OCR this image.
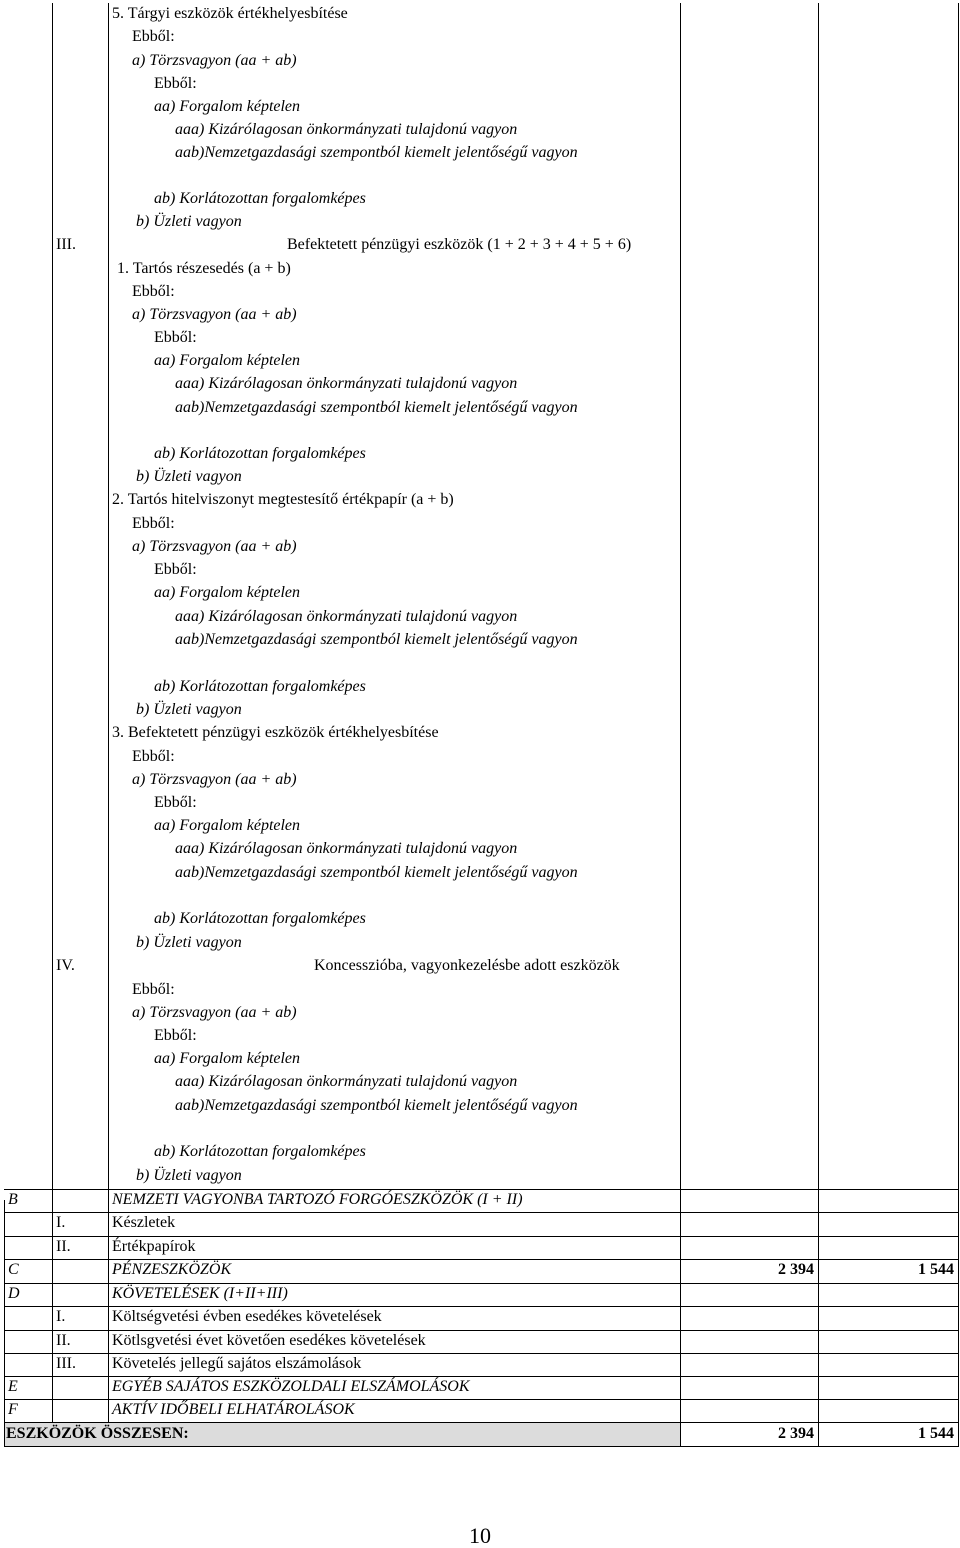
5. Tárgyi eszközök értékhelyesbítése
Ebből:
a) Törzsvagyon (aa + ab)
Ebből:
aa) Forgalom képtelen
aaa) Kizárólagosan önkormányzati tulajdonú vagyon
aab)Nemzetgazdasági szempontból kiemelt jelentőségű vagyon
ab) Korlátozottan forgalomképes
b) Üzleti vagyon
III.	Befektetett pénzügyi eszközök (1 + 2 + 3 + 4 + 5 + 6)
1. Tartós részesedés (a + b)
Ebből:
a) Törzsvagyon (aa + ab)
Ebből:
aa) Forgalom képtelen
aaa) Kizárólagosan önkormányzati tulajdonú vagyon
aab)Nemzetgazdasági szempontból kiemelt jelentőségű vagyon
ab) Korlátozottan forgalomképes
b) Üzleti vagyon
2. Tartós hitelviszonyt megtestesítő értékpapír (a + b)
Ebből:
a) Törzsvagyon (aa + ab)
Ebből:
aa) Forgalom képtelen
aaa) Kizárólagosan önkormányzati tulajdonú vagyon
aab)Nemzetgazdasági szempontból kiemelt jelentőségű vagyon
ab) Korlátozottan forgalomképes
b) Üzleti vagyon
3. Befektetett pénzügyi eszközök értékhelyesbítése
Ebből:
a) Törzsvagyon (aa + ab)
Ebből:
aa) Forgalom képtelen
aaa) Kizárólagosan önkormányzati tulajdonú vagyon
aab)Nemzetgazdasági szempontból kiemelt jelentőségű vagyon
ab) Korlátozottan forgalomképes
b) Üzleti vagyon
IV.	Koncesszióba, vagyonkezelésbe adott eszközök
Ebből:
a) Törzsvagyon (aa + ab)
Ebből:
aa) Forgalom képtelen
aaa) Kizárólagosan önkormányzati tulajdonú vagyon
aab)Nemzetgazdasági szempontból kiemelt jelentőségű vagyon
ab) Korlátozottan forgalomképes
b) Üzleti vagyon
B	NEMZETI VAGYONBA TARTOZÓ FORGÓESZKÖZÖK (I + II)
I.	Készletek
II.	Értékpapírok
C	PÉNZESZKÖZÖK	2 394	1 544
D	KÖVETELÉSEK (I+II+III)
I.	Költségvetési évben esedékes követelések
II.	Kötlsgvetési évet követően esedékes követelések
III. Követelés jellegű sajátos elszámolások
E	EGYÉB SAJÁTOS ESZKÖZOLDALI ELSZÁMOLÁSOK
F	AKTÍV IDŐBELI ELHATÁROLÁSOK
ESZKÖZÖK ÖSSZESEN:	2 394	1 544
10
